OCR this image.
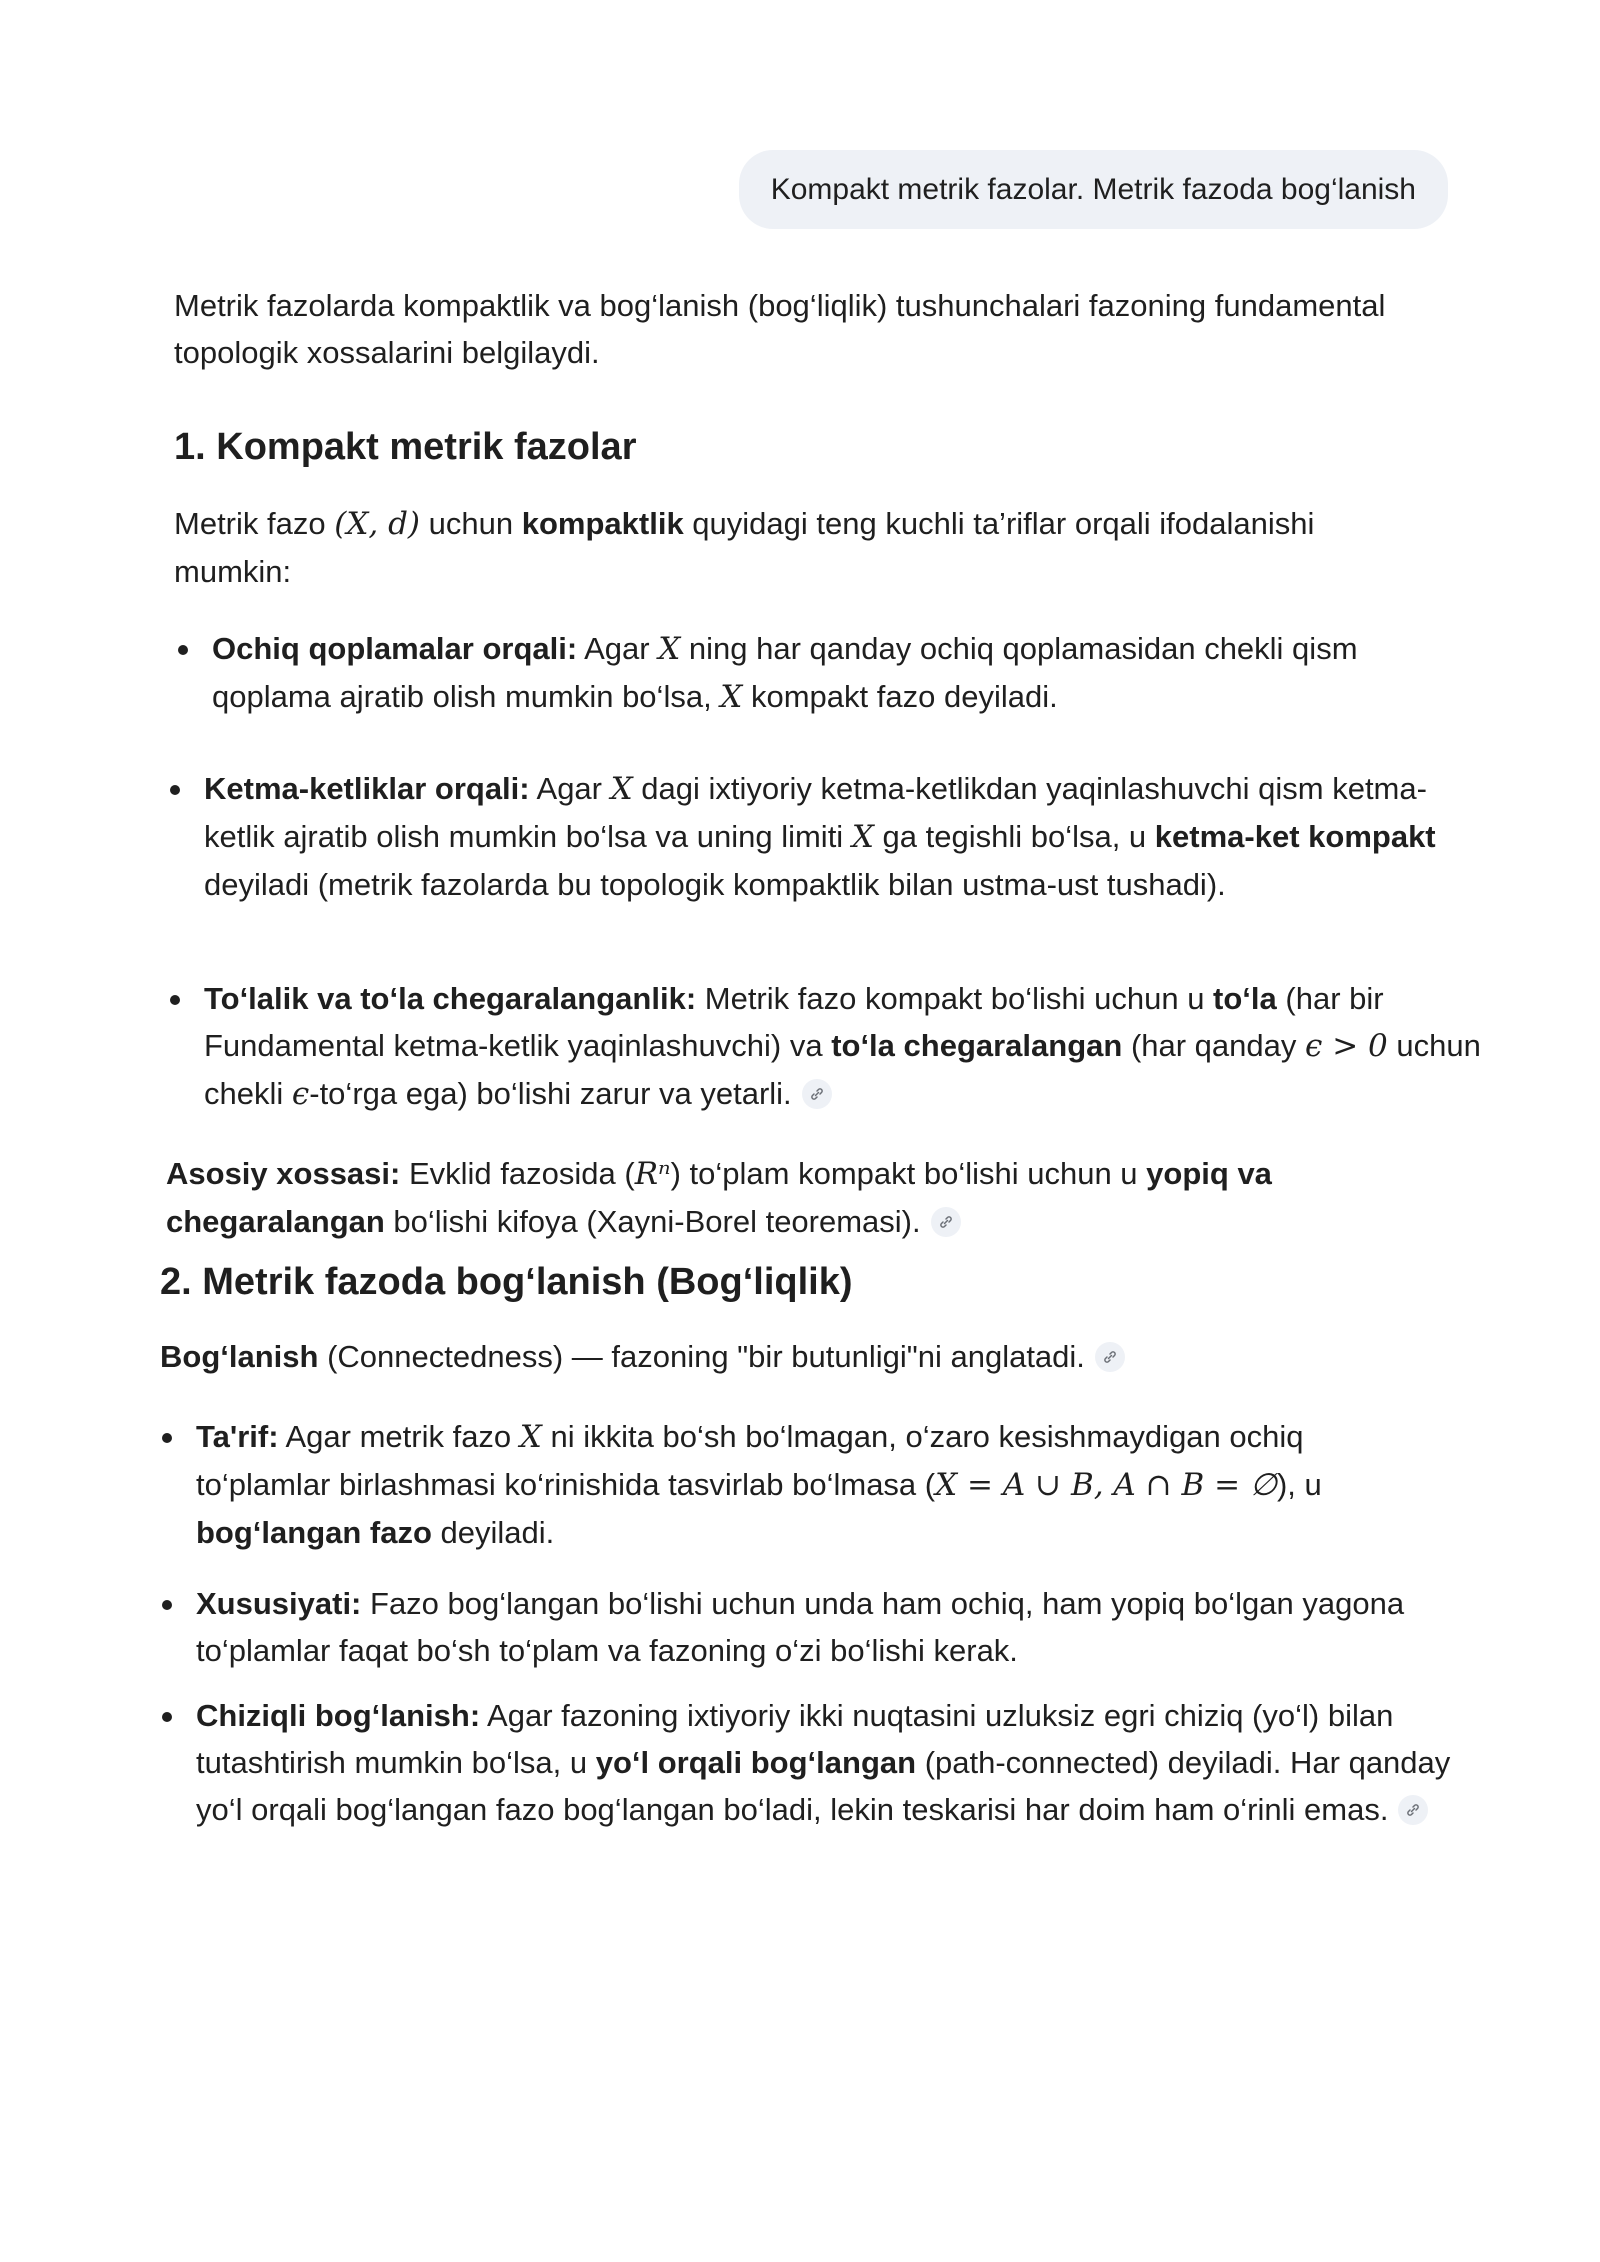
Kompakt metrik fazolar. Metrik fazoda bog‘lanish

Metrik fazolarda kompaktlik va bog‘lanish (bog‘liqlik) tushunchalari fazoning fundamental topologik xossalarini belgilaydi.

1. Kompakt metrik fazolar

Metrik fazo (X, d) uchun kompaktlik quyidagi teng kuchli ta’riflar orqali ifodalanishi mumkin:

Ochiq qoplamalar orqali: Agar X ning har qanday ochiq qoplamasidan chekli qism qoplama ajratib olish mumkin bo‘lsa, X kompakt fazo deyiladi.
Ketma-ketliklar orqali: Agar X dagi ixtiyoriy ketma-ketlikdan yaqinlashuvchi qism ketma-ketlik ajratib olish mumkin bo‘lsa va uning limiti X ga tegishli bo‘lsa, u ketma-ket kompakt deyiladi (metrik fazolarda bu topologik kompaktlik bilan ustma-ust tushadi).
To‘lalik va to‘la chegaralanganlik: Metrik fazo kompakt bo‘lishi uchun u to‘la (har bir Fundamental ketma-ketlik yaqinlashuvchi) va to‘la chegaralangan (har qanday ϵ > 0 uchun chekli ϵ-to‘rga ega) bo‘lishi zarur va yetarli.

Asosiy xossasi: Evklid fazosida (Rⁿ) to‘plam kompakt bo‘lishi uchun u yopiq va chegaralangan bo‘lishi kifoya (Xayni-Borel teoremasi).

2. Metrik fazoda bog‘lanish (Bog‘liqlik)

Bog‘lanish (Connectedness) — fazoning "bir butunligi"ni anglatadi.

Ta'rif: Agar metrik fazo X ni ikkita bo‘sh bo‘lmagan, o‘zaro kesishmaydigan ochiq to‘plamlar birlashmasi ko‘rinishida tasvirlab bo‘lmasa (X = A ∪ B, A ∩ B = ∅), u bog‘langan fazo deyiladi.
Xususiyati: Fazo bog‘langan bo‘lishi uchun unda ham ochiq, ham yopiq bo‘lgan yagona to‘plamlar faqat bo‘sh to‘plam va fazoning o‘zi bo‘lishi kerak.
Chiziqli bog‘lanish: Agar fazoning ixtiyoriy ikki nuqtasini uzluksiz egri chiziq (yo‘l) bilan tutashtirish mumkin bo‘lsa, u yo‘l orqali bog‘langan (path-connected) deyiladi. Har qanday yo‘l orqali bog‘langan fazo bog‘langan bo‘ladi, lekin teskarisi har doim ham o‘rinli emas.
